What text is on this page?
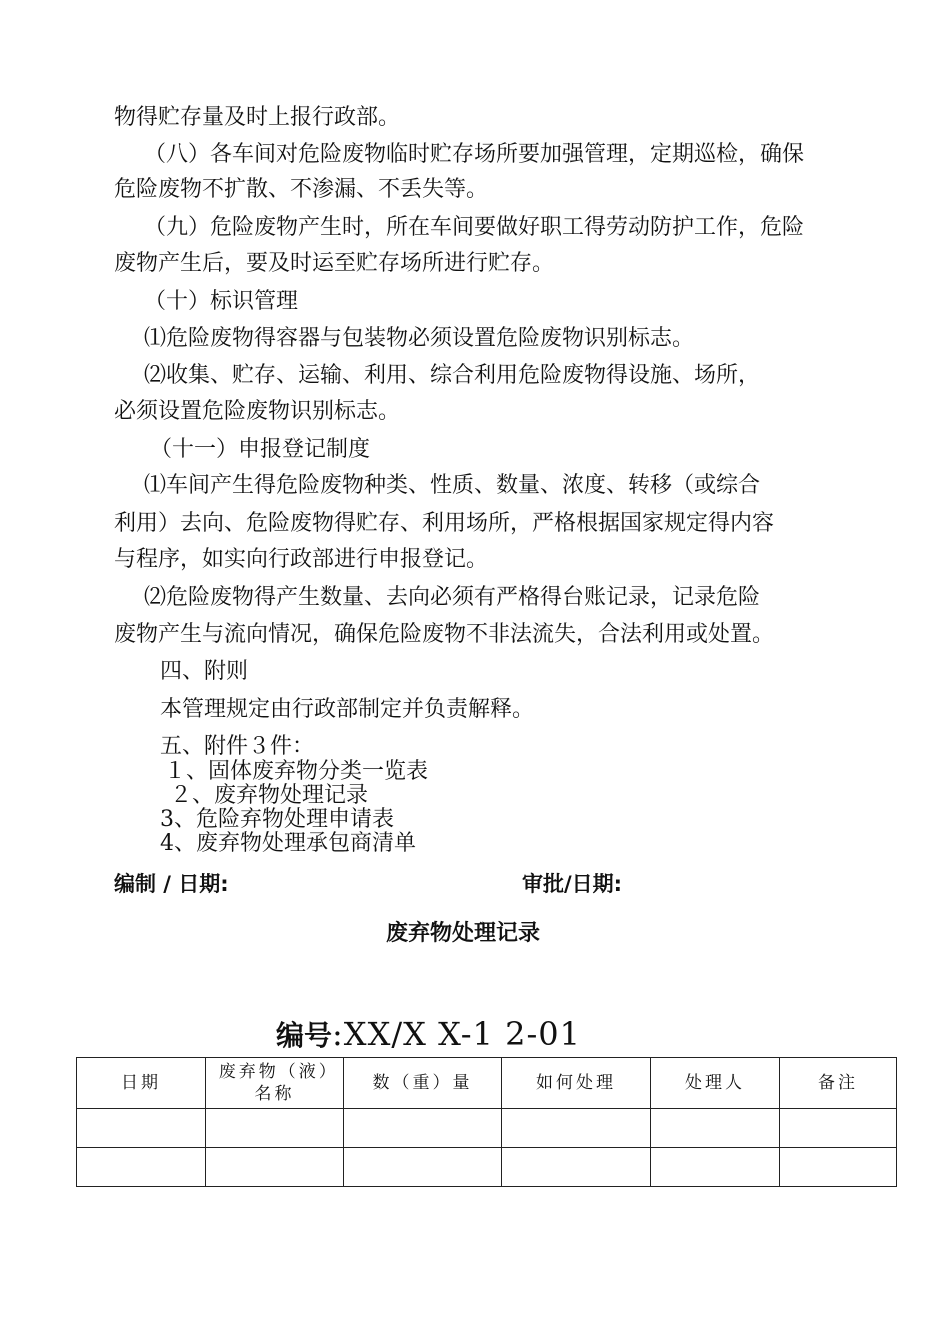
物得贮存量及时上报行政部。
（八）各车间对危险废物临时贮存场所要加强管理，定期巡检，确保
危险废物不扩散、不渗漏、不丢失等。
（九）危险废物产生时，所在车间要做好职工得劳动防护工作，危险
废物产生后，要及时运至贮存场所进行贮存。
（十）标识管理
⑴危险废物得容器与包装物必须设置危险废物识别标志。
⑵收集、贮存、运输、利用、综合利用危险废物得设施、场所，
必须设置危险废物识别标志。
（十一）申报登记制度
⑴车间产生得危险废物种类、性质、数量、浓度、转移（或综合
利用）去向、危险废物得贮存、利用场所，严格根据国家规定得内容
与程序，如实向行政部进行申报登记。
⑵危险废物得产生数量、去向必须有严格得台账记录，记录危险
废物产生与流向情况，确保危险废物不非法流失，合法利用或处置。
四、附则
本管理规定由行政部制定并负责解释。
五、附件３件：
１、固体废弃物分类一览表
２、废弃物处理记录
3、危险弃物处理申请表
4、废弃物处理承包商清单
编制 / 日期:	审批/日期:
废弃物处理记录
编号:XX/X X-1 2-01
日期	废弃物（液）名称	数（重）量	如何处理	处理人	备注
